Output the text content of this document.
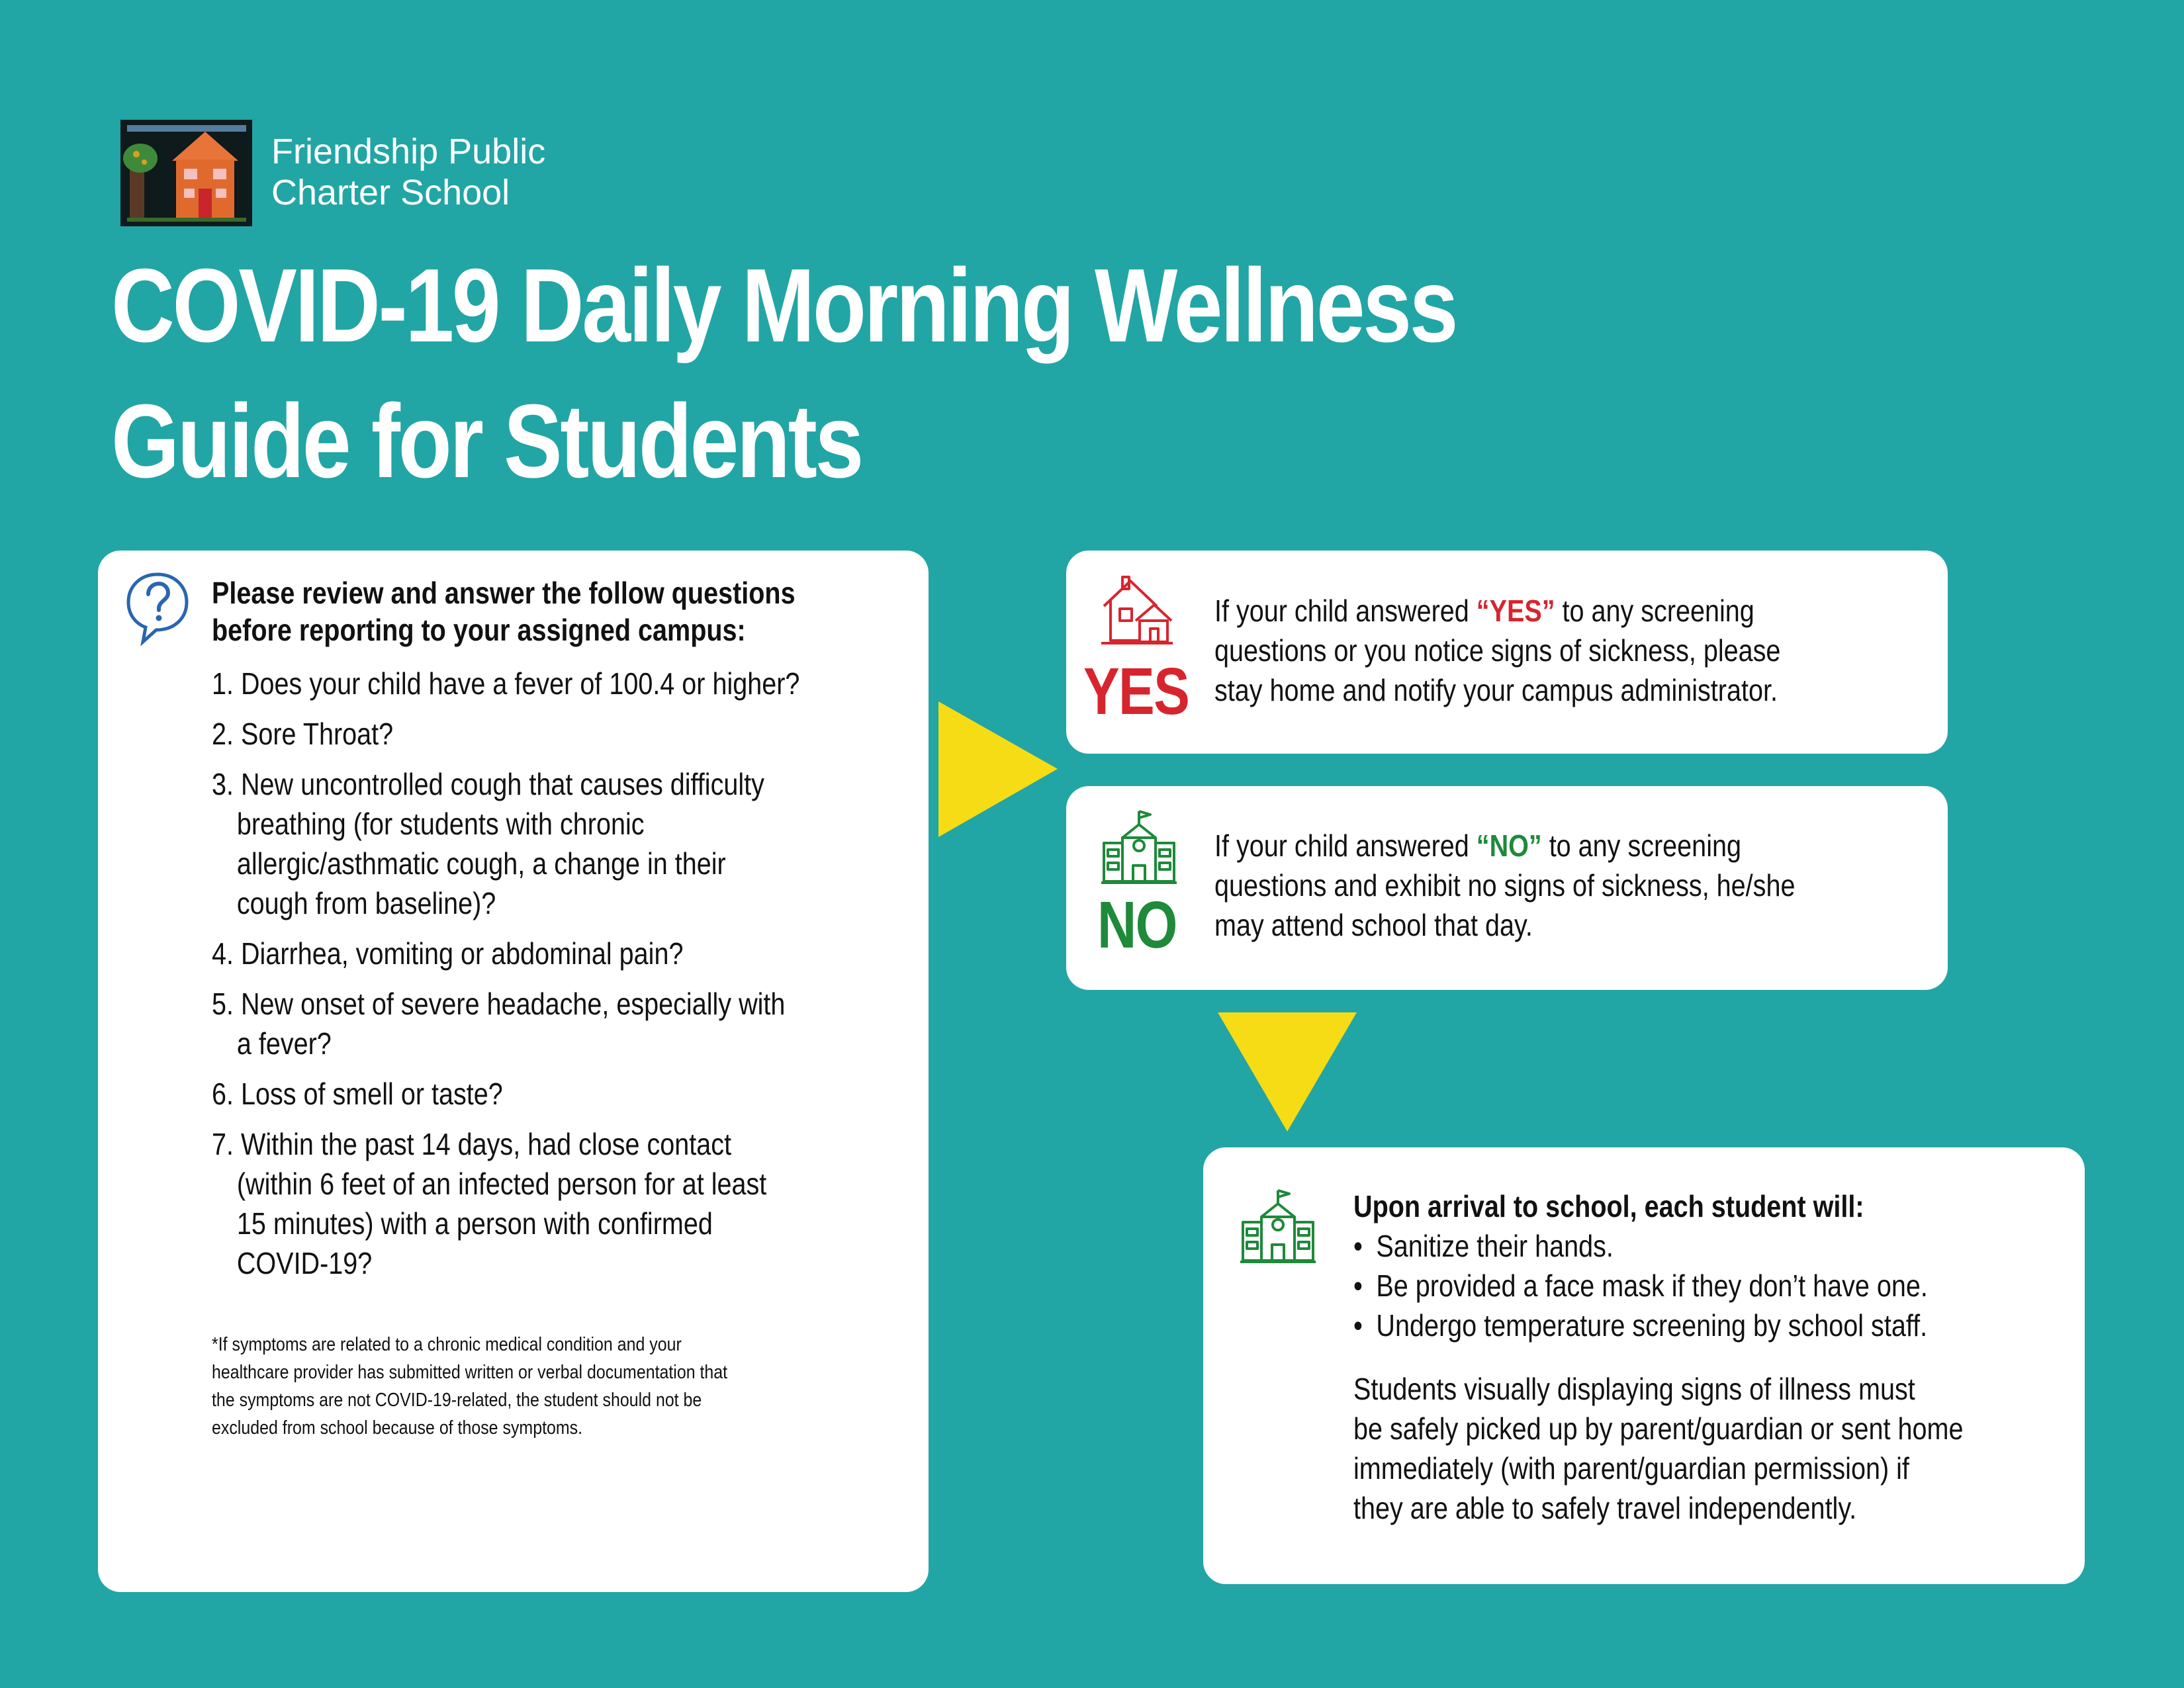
Friendship Public
Charter School
COVID-19 Daily Morning Wellness
Guide for Students
Please review and answer the follow questions
before reporting to your assigned campus:
1. Does your child have a fever of 100.4 or higher?
2. Sore Throat?
3. New uncontrolled cough that causes difficulty
breathing (for students with chronic
allergic/asthmatic cough, a change in their
cough from baseline)?
4. Diarrhea, vomiting or abdominal pain?
5. New onset of severe headache, especially with
a fever?
6. Loss of smell or taste?
7. Within the past 14 days, had close contact
(within 6 feet of an infected person for at least
15 minutes) with a person with confirmed
COVID-19?
*If symptoms are related to a chronic medical condition and your
healthcare provider has submitted written or verbal documentation that
the symptoms are not COVID-19-related, the student should not be
excluded from school because of those symptoms.
YES
If your child answered “YES” to any screening
questions or you notice signs of sickness, please
stay home and notify your campus administrator.
NO
If your child answered “NO” to any screening
questions and exhibit no signs of sickness, he/she
may attend school that day.
Upon arrival to school, each student will:
• Sanitize their hands.
• Be provided a face mask if they don’t have one.
• Undergo temperature screening by school staff.
Students visually displaying signs of illness must
be safely picked up by parent/guardian or sent home
immediately (with parent/guardian permission) if
they are able to safely travel independently.
